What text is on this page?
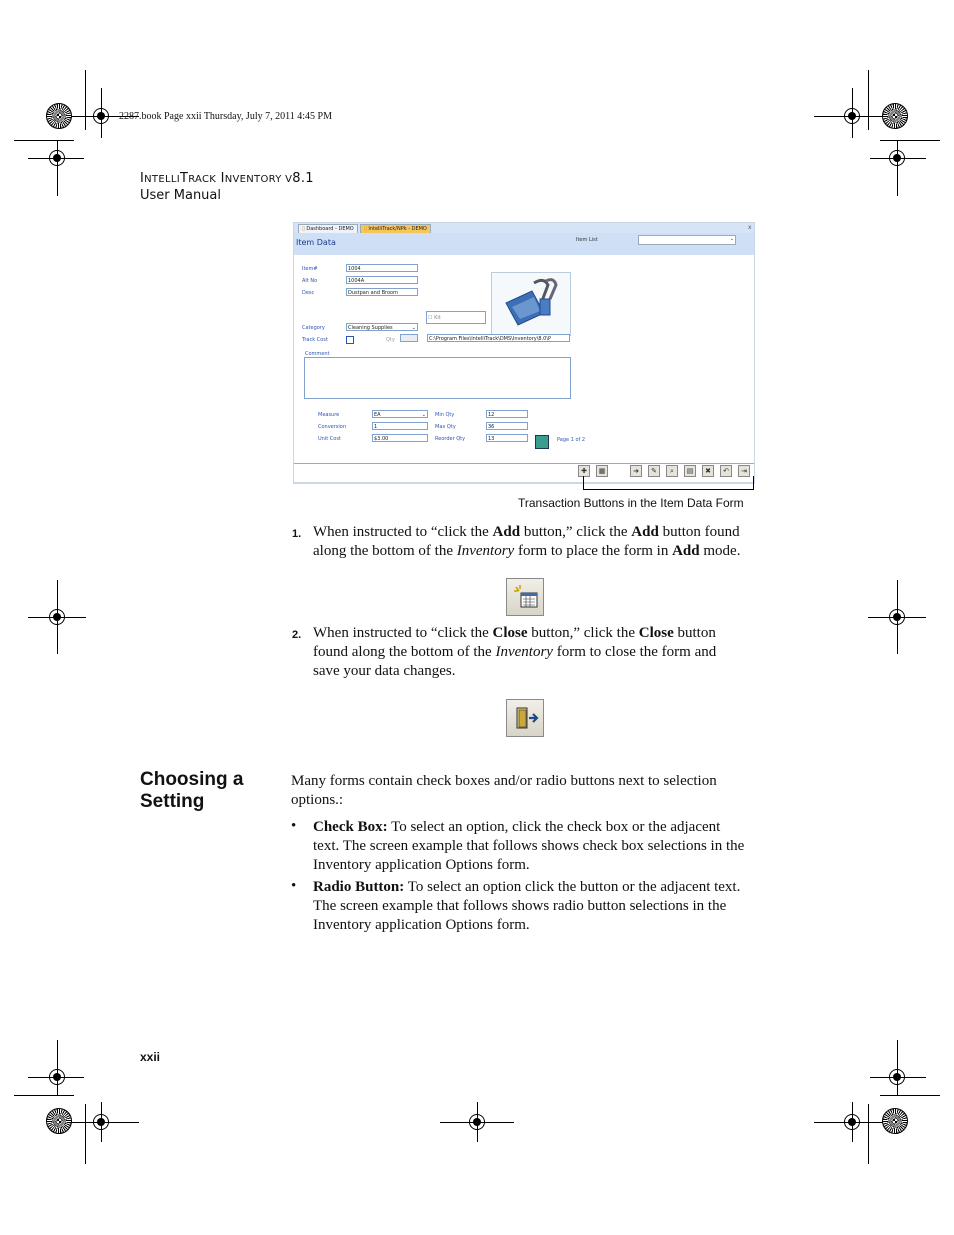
2287.book Page xxii Thursday, July 7, 2011 4:45 PM
INTELLITRACK INVENTORY V8.1
User Manual
▯ Dashboard - DEMO	▯ IntelliTrack/NPk - DEMO	x
Item Data	Item List	⌄
Item#	1004
Alt No	1004A
Desc	Dustpan and Broom
☐ Kit
Category	Cleaning Supplies	⌄
Track Cost	Qty	C:\Program Files\IntelliTrack\DMS\Inventory\8.0\P
Comment
Measure	EA	⌄
Conversion	1
Unit Cost	$3.00
Min Qty	12
Max Qty	36
Reorder Qty	13	Page 1 of 2
✚	▦	➜	✎	⌕	▤	✖	↶	⇥
Transaction Buttons in the Item Data Form
1. When instructed to “click the Add button,” click the Add button found
along the bottom of the Inventory form to place the form in Add mode.
2. When instructed to “click the Close button,” click the Close button
found along the bottom of the Inventory form to close the form and
save your data changes.
Choosing a
Setting
Many forms contain check boxes and/or radio buttons next to selection
options.:
• Check Box: To select an option, click the check box or the adjacent
text. The screen example that follows shows check box selections in the
Inventory application Options form.
• Radio Button: To select an option click the button or the adjacent text.
The screen example that follows shows radio button selections in the
Inventory application Options form.
xxii
